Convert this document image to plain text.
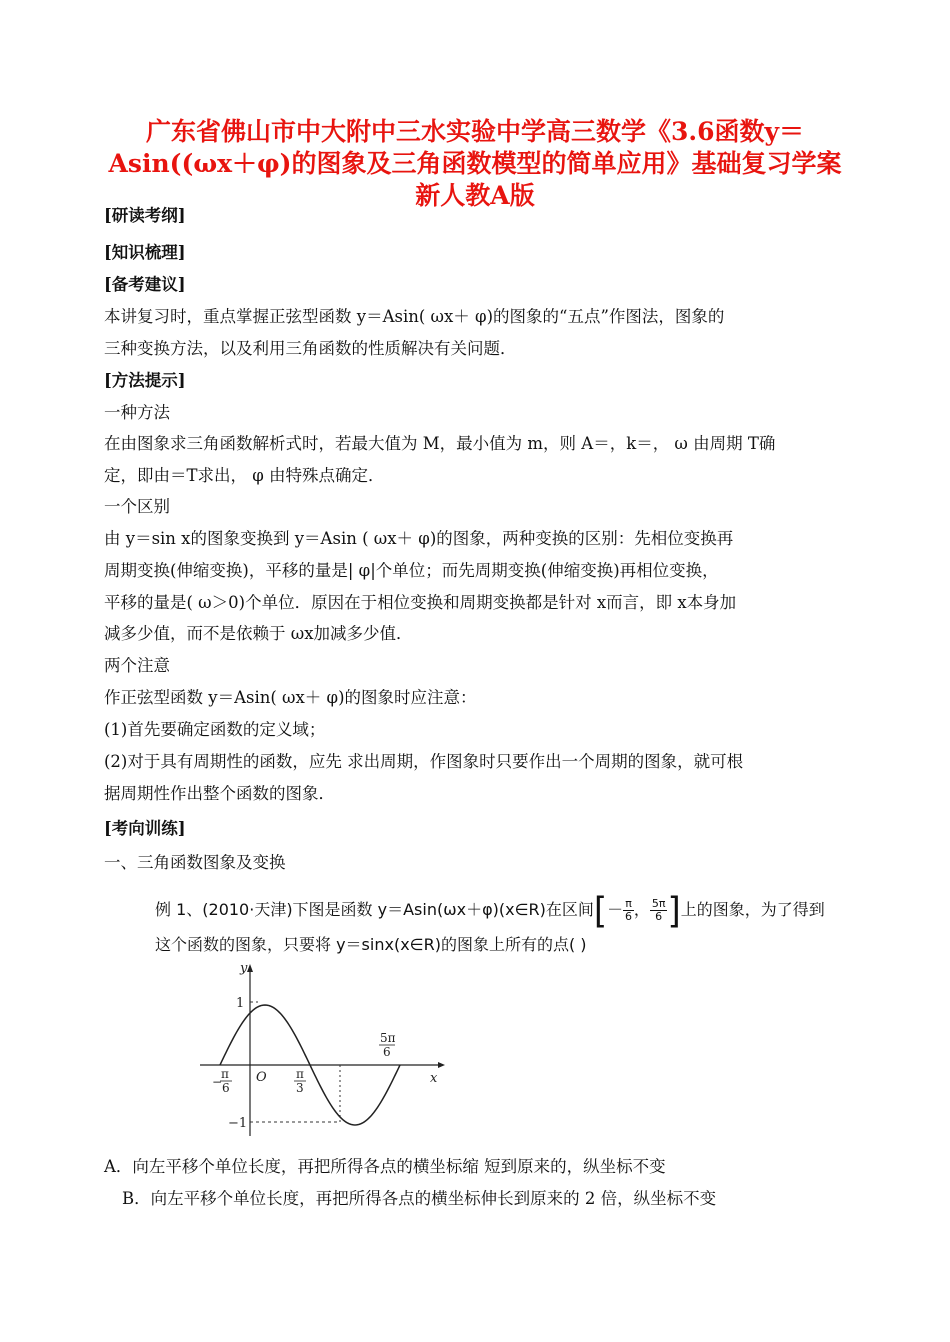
广东省佛山市中大附中三水实验中学高三数学《3.6函数y＝
Asin((ωx＋φ)的图象及三角函数模型的简单应用》基础复习学案
新人教A版
[研读考纲]
[知识梳理]
[备考建议]
本讲复习时，重点掌握正弦型函数 y＝Asin( ωx＋ φ)的图象的“五点”作图法，图象的
三种变换方法，以及利用三角函数的性质解决有关问题．
[方法提示]
一种方法
在由图象求三角函数解析式时，若最大值为 M，最小值为 m，则 A＝，k＝， ω 由周期 T确
定，即由＝T求出， φ 由特殊点确定．
一个区别
由 y＝sin x的图象变换到 y＝Asin ( ωx＋ φ)的图象，两种变换的区别：先相位变换再
周期变换(伸缩变换)，平移的量是| φ|个单位；而先周期变换(伸缩变换)再相位变换，
平移的量是( ω＞0)个单位．原因在于相位变换和周期变换都是针对 x而言，即 x本身加
减多少值，而不是依赖于 ωx加减多少值．
两个注意
作正弦型函数 y＝Asin( ωx＋ φ)的图象时应注意：
(1)首先要确定函数的定义域；
(2)对于具有周期性的函数，应先 求出周期，作图象时只要作出一个周期的图象，就可根
据周期性作出整个函数的图象．
[考向训练]
一、三角函数图象及变换
例 1、(2010·天津)下图是函数 y＝Asin(ωx＋φ)(x∈R)在区间[－ $\frac{\pi}{6}$ ， $\frac{5\pi}{6}$ ]上的图象，为了得到
这个函数的图象，只要将 y＝sinx(x∈R)的图象上所有的点( )
y
x
O
1
−1
−
π
6
π
3
5π
6
A．向左平移个单位长度，再把所得各点的横坐标缩 短到原来的，纵坐标不变
B．向左平移个单位长度，再把所得各点的横坐标伸长到原来的 2 倍，纵坐标不变
